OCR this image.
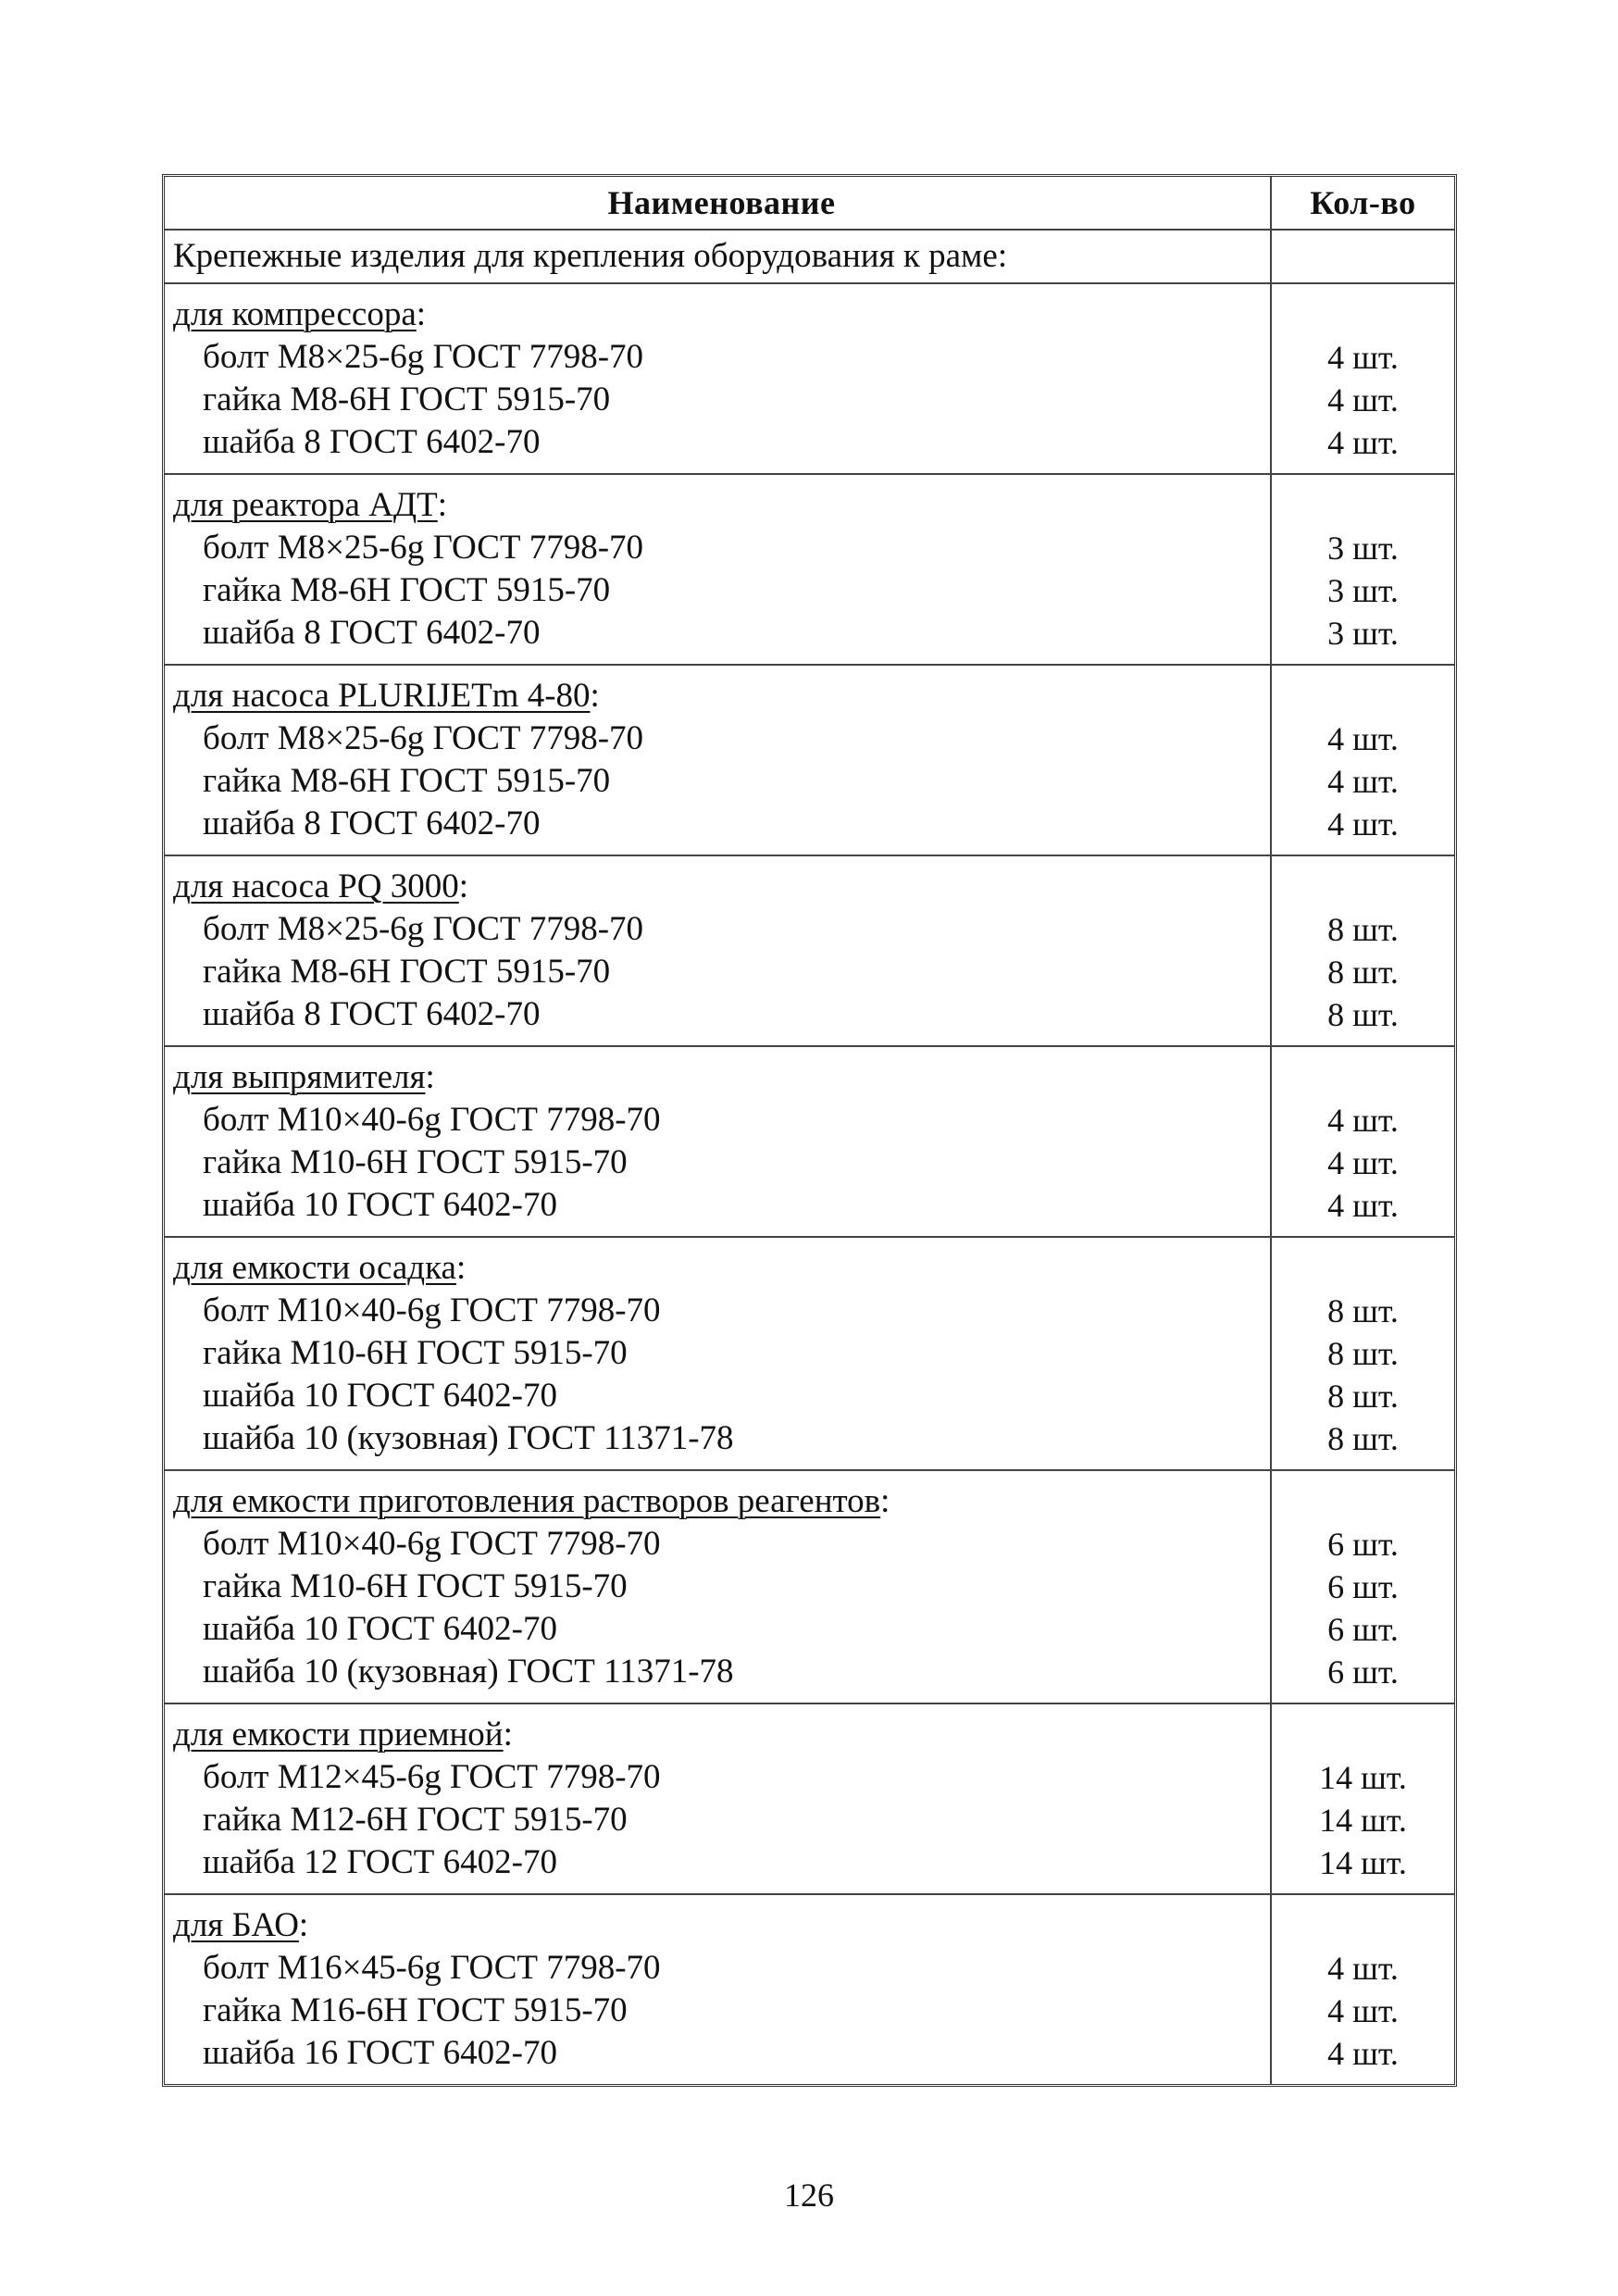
Наименование	Кол-во
Крепежные изделия для крепления оборудования к раме:
для компрессора:
болт М8×25-6g ГОСТ 7798-70
гайка М8-6Н ГОСТ 5915-70
шайба 8 ГОСТ 6402-70
4 шт.
4 шт.
4 шт.
для реактора АДТ:
болт М8×25-6g ГОСТ 7798-70
гайка М8-6Н ГОСТ 5915-70
шайба 8 ГОСТ 6402-70
3 шт.
3 шт.
3 шт.
для насоса PLURIJETm 4-80:
болт М8×25-6g ГОСТ 7798-70
гайка М8-6Н ГОСТ 5915-70
шайба 8 ГОСТ 6402-70
4 шт.
4 шт.
4 шт.
для насоса PQ 3000:
болт М8×25-6g ГОСТ 7798-70
гайка М8-6Н ГОСТ 5915-70
шайба 8 ГОСТ 6402-70
8 шт.
8 шт.
8 шт.
для выпрямителя:
болт М10×40-6g ГОСТ 7798-70
гайка М10-6Н ГОСТ 5915-70
шайба 10 ГОСТ 6402-70
4 шт.
4 шт.
4 шт.
для емкости осадка:
болт М10×40-6g ГОСТ 7798-70
гайка М10-6Н ГОСТ 5915-70
шайба 10 ГОСТ 6402-70
шайба 10 (кузовная) ГОСТ 11371-78
8 шт.
8 шт.
8 шт.
8 шт.
для емкости приготовления растворов реагентов:
болт М10×40-6g ГОСТ 7798-70
гайка М10-6Н ГОСТ 5915-70
шайба 10 ГОСТ 6402-70
шайба 10 (кузовная) ГОСТ 11371-78
6 шт.
6 шт.
6 шт.
6 шт.
для емкости приемной:
болт М12×45-6g ГОСТ 7798-70
гайка М12-6Н ГОСТ 5915-70
шайба 12 ГОСТ 6402-70
14 шт.
14 шт.
14 шт.
для БАО:
болт М16×45-6g ГОСТ 7798-70
гайка М16-6Н ГОСТ 5915-70
шайба 16 ГОСТ 6402-70
4 шт.
4 шт.
4 шт.
126
